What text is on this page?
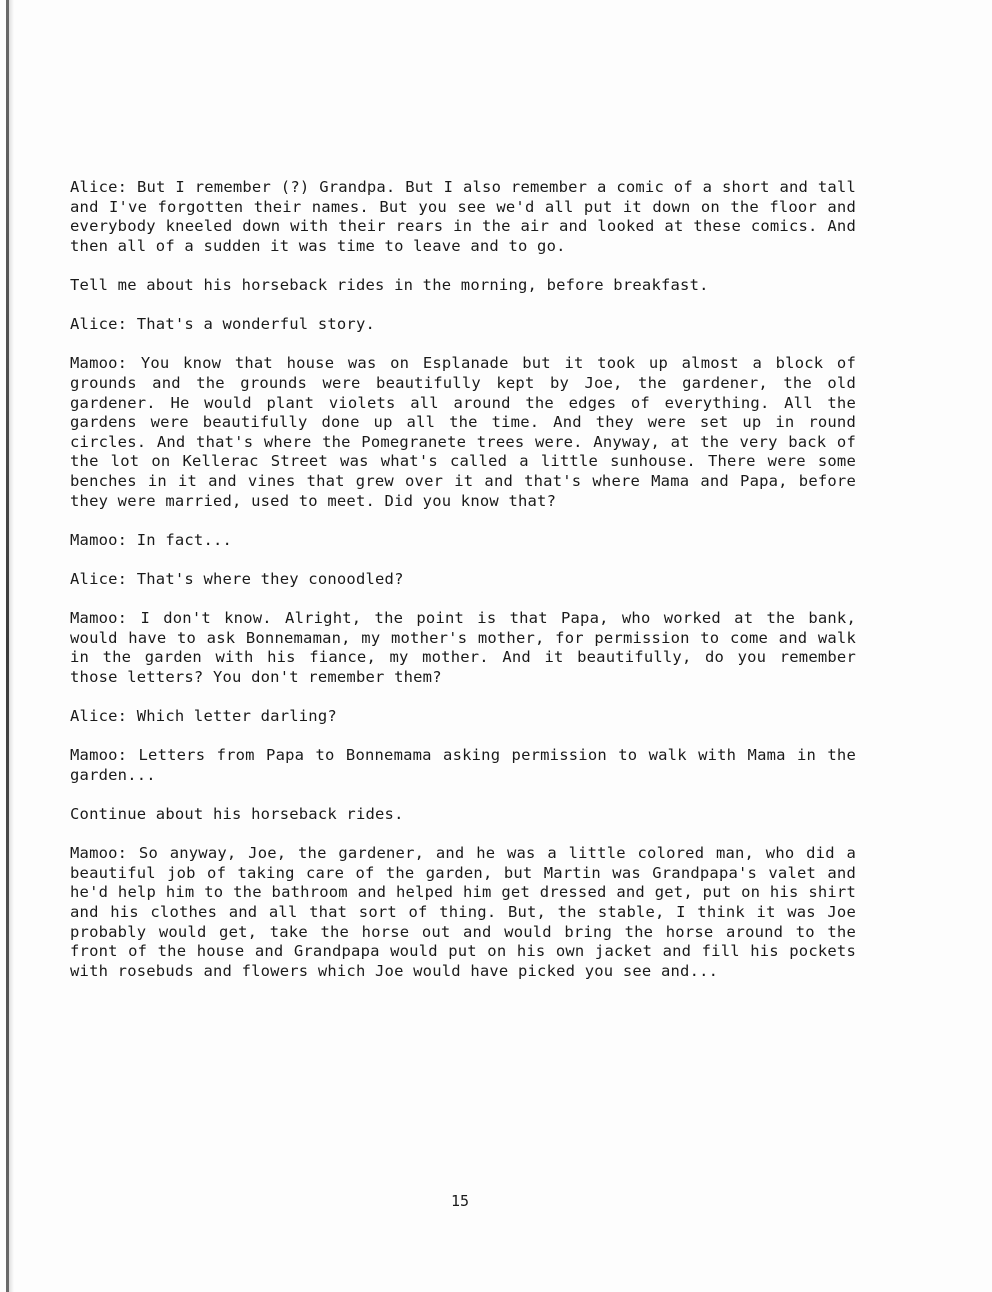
Alice: But I remember (?) Grandpa. But I also remember a comic of a short and tall and I've forgotten their names. But you see we'd all put it down on the floor and everybody kneeled down with their rears in the air and looked at these comics. And then all of a sudden it was time to leave and to go.

Tell me about his horseback rides in the morning, before breakfast.

Alice: That's a wonderful story.

Mamoo: You know that house was on Esplanade but it took up almost a block of grounds and the grounds were beautifully kept by Joe, the gardener, the old gardener. He would plant violets all around the edges of everything. All the gardens were beautifully done up all the time. And they were set up in round circles. And that's where the Pomegranete trees were. Anyway, at the very back of the lot on Kellerac Street was what's called a little sunhouse. There were some benches in it and vines that grew over it and that's where Mama and Papa, before they were married, used to meet. Did you know that?

Mamoo: In fact...

Alice: That's where they conoodled?

Mamoo: I don't know. Alright, the point is that Papa, who worked at the bank, would have to ask Bonnemaman, my mother's mother, for permission to come and walk in the garden with his fiance, my mother. And it beautifully, do you remember those letters? You don't remember them?

Alice: Which letter darling?

Mamoo: Letters from Papa to Bonnemama asking permission to walk with Mama in the garden...

Continue about his horseback rides.

Mamoo: So anyway, Joe, the gardener, and he was a little colored man, who did a beautiful job of taking care of the garden, but Martin was Grandpapa's valet and he'd help him to the bathroom and helped him get dressed and get, put on his shirt and his clothes and all that sort of thing. But, the stable, I think it was Joe probably would get, take the horse out and would bring the horse around to the front of the house and Grandpapa would put on his own jacket and fill his pockets with rosebuds and flowers which Joe would have picked you see and...

15
